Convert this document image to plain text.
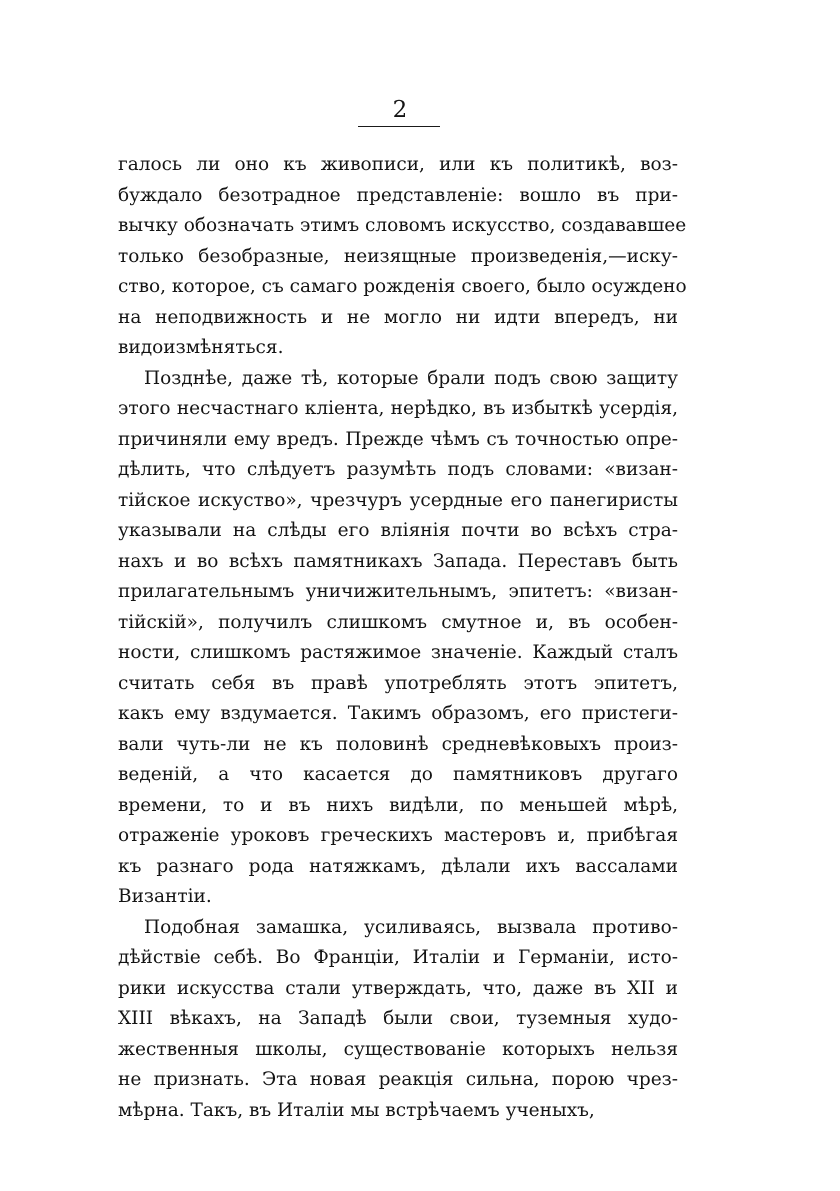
2
галось ли оно къ живописи, или къ политикѣ, воз-
буждало безотрадное представленіе: вошло въ при-
вычку обозначать этимъ словомъ искусство, создававшее
только безобразные, неизящные произведенія,—иску-
ство, которое, съ самаго рожденія своего, было осуждено
на неподвижность и не могло ни идти впередъ, ни
видоизмѣняться.
Позднѣе, даже тѣ, которые брали подъ свою защиту
этого несчастнаго кліента, нерѣдко, въ избыткѣ усердія,
причиняли ему вредъ. Прежде чѣмъ съ точностью опре-
дѣлить, что слѣдуетъ разумѣть подъ словами: «визан-
тійское искуство», чрезчуръ усердные его панегиристы
указывали на слѣды его вліянія почти во всѣхъ стра-
нахъ и во всѣхъ памятникахъ Запада. Переставъ быть
прилагательнымъ уничижительнымъ, эпитетъ: «визан-
тійскій», получилъ слишкомъ смутное и, въ особен-
ности, слишкомъ растяжимое значеніе. Каждый сталъ
считать себя въ правѣ употреблять этотъ эпитетъ,
какъ ему вздумается. Такимъ образомъ, его пристеги-
вали чуть-ли не къ половинѣ средневѣковыхъ произ-
веденій, а что касается до памятниковъ другаго
времени, то и въ нихъ видѣли, по меньшей мѣрѣ,
отраженіе уроковъ греческихъ мастеровъ и, прибѣгая
къ разнаго рода натяжкамъ, дѣлали ихъ вассалами
Византіи.
Подобная замашка, усиливаясь, вызвала противо-
дѣйствіе себѣ. Во Франціи, Италіи и Германіи, исто-
рики искусства стали утверждать, что, даже въ XII и
XIII вѣкахъ, на Западѣ были свои, туземныя худо-
жественныя школы, существованіе которыхъ нельзя
не признать. Эта новая реакція сильна, порою чрез-
мѣрна. Такъ, въ Италіи мы встрѣчаемъ ученыхъ,
